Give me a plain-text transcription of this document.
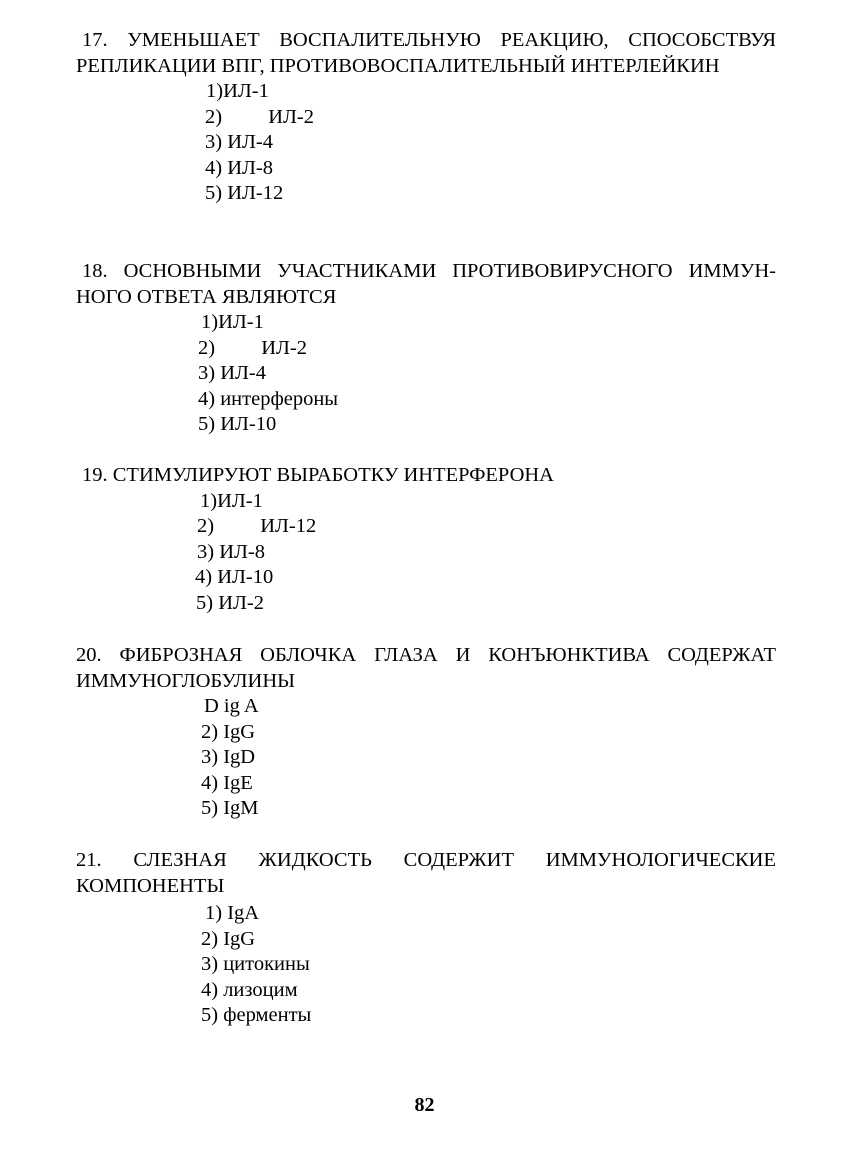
17. УМЕНЬШАЕТ ВОСПАЛИТЕЛЬНУЮ РЕАКЦИЮ, СПОСОБСТВУЯ РЕПЛИКАЦИИ ВПГ, ПРОТИВОВОСПАЛИТЕЛЬНЫЙ ИНТЕРЛЕЙКИН

1)ИЛ-1
2)         ИЛ-2
3) ИЛ-4
4) ИЛ-8
5) ИЛ-12

18. ОСНОВНЫМИ УЧАСТНИКАМИ ПРОТИВОВИРУСНОГО ИММУН-НОГО ОТВЕТА ЯВЛЯЮТСЯ

1)ИЛ-1
2)         ИЛ-2
3) ИЛ-4
4) интерфероны
5) ИЛ-10

19. СТИМУЛИРУЮТ ВЫРАБОТКУ ИНТЕРФЕРОНА

1)ИЛ-1
2)         ИЛ-12
3) ИЛ-8
4) ИЛ-10
5) ИЛ-2

20. ФИБРОЗНАЯ ОБЛОЧКА ГЛАЗА И КОНЪЮНКТИВА СОДЕРЖАТ ИММУНОГЛОБУЛИНЫ

D ig A
2) IgG
3) IgD
4) IgE
5) IgM

21. СЛЕЗНАЯ ЖИДКОСТЬ СОДЕРЖИТ ИММУНОЛОГИЧЕСКИЕ КОМПОНЕНТЫ

1) IgA
2) IgG
3) цитокины
4) лизоцим
5) ферменты
82
